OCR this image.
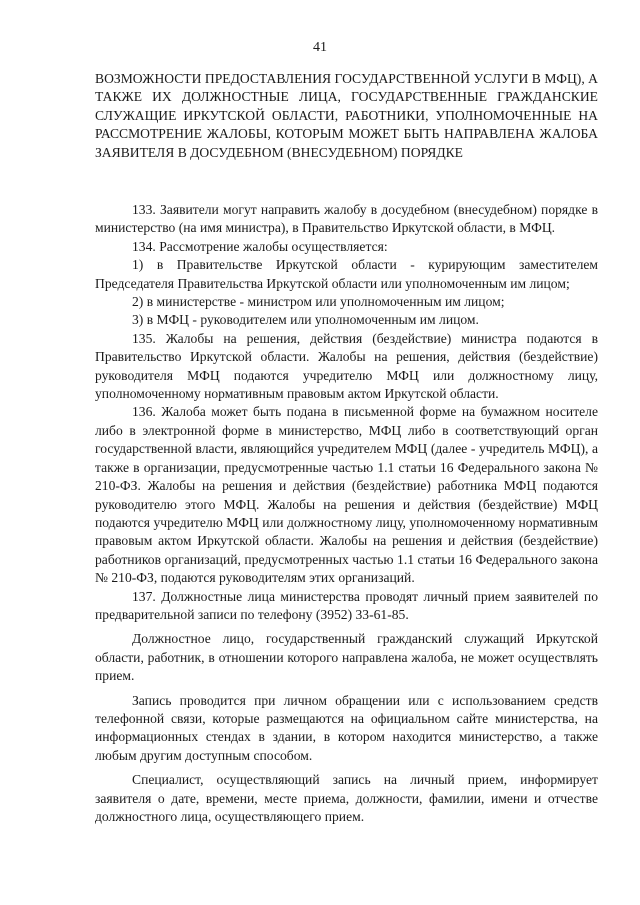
41
ВОЗМОЖНОСТИ ПРЕДОСТАВЛЕНИЯ ГОСУДАРСТВЕННОЙ УСЛУГИ В МФЦ), А ТАКЖЕ ИХ ДОЛЖНОСТНЫЕ ЛИЦА, ГОСУДАРСТВЕННЫЕ ГРАЖДАНСКИЕ СЛУЖАЩИЕ ИРКУТСКОЙ ОБЛАСТИ, РАБОТНИКИ, УПОЛНОМОЧЕННЫЕ НА РАССМОТРЕНИЕ ЖАЛОБЫ, КОТОРЫМ МОЖЕТ БЫТЬ НАПРАВЛЕНА ЖАЛОБА ЗАЯВИТЕЛЯ В ДОСУДЕБНОМ (ВНЕСУДЕБНОМ) ПОРЯДКЕ

133. Заявители могут направить жалобу в досудебном (внесудебном) порядке в министерство (на имя министра), в Правительство Иркутской области, в МФЦ.

134. Рассмотрение жалобы осуществляется:

1) в Правительстве Иркутской области - курирующим заместителем Председателя Правительства Иркутской области или уполномоченным им лицом;

2) в министерстве - министром или уполномоченным им лицом;

3) в МФЦ - руководителем или уполномоченным им лицом.

135. Жалобы на решения, действия (бездействие) министра подаются в Правительство Иркутской области. Жалобы на решения, действия (бездействие) руководителя МФЦ подаются учредителю МФЦ или должностному лицу, уполномоченному нормативным правовым актом Иркутской области.

136. Жалоба может быть подана в письменной форме на бумажном носителе либо в электронной форме в министерство, МФЦ либо в соответствующий орган государственной власти, являющийся учредителем МФЦ (далее - учредитель МФЦ), а также в организации, предусмотренные частью 1.1 статьи 16 Федерального закона № 210-ФЗ. Жалобы на решения и действия (бездействие) работника МФЦ подаются руководителю этого МФЦ. Жалобы на решения и действия (бездействие) МФЦ подаются учредителю МФЦ или должностному лицу, уполномоченному нормативным правовым актом Иркутской области. Жалобы на решения и действия (бездействие) работников организаций, предусмотренных частью 1.1 статьи 16 Федерального закона № 210-ФЗ, подаются руководителям этих организаций.

137. Должностные лица министерства проводят личный прием заявителей по предварительной записи по телефону (3952) 33-61-85.

Должностное лицо, государственный гражданский служащий Иркутской области, работник, в отношении которого направлена жалоба, не может осуществлять прием.

Запись проводится при личном обращении или с использованием средств телефонной связи, которые размещаются на официальном сайте министерства, на информационных стендах в здании, в котором находится министерство, а также любым другим доступным способом.

Специалист, осуществляющий запись на личный прием, информирует заявителя о дате, времени, месте приема, должности, фамилии, имени и отчестве должностного лица, осуществляющего прием.
